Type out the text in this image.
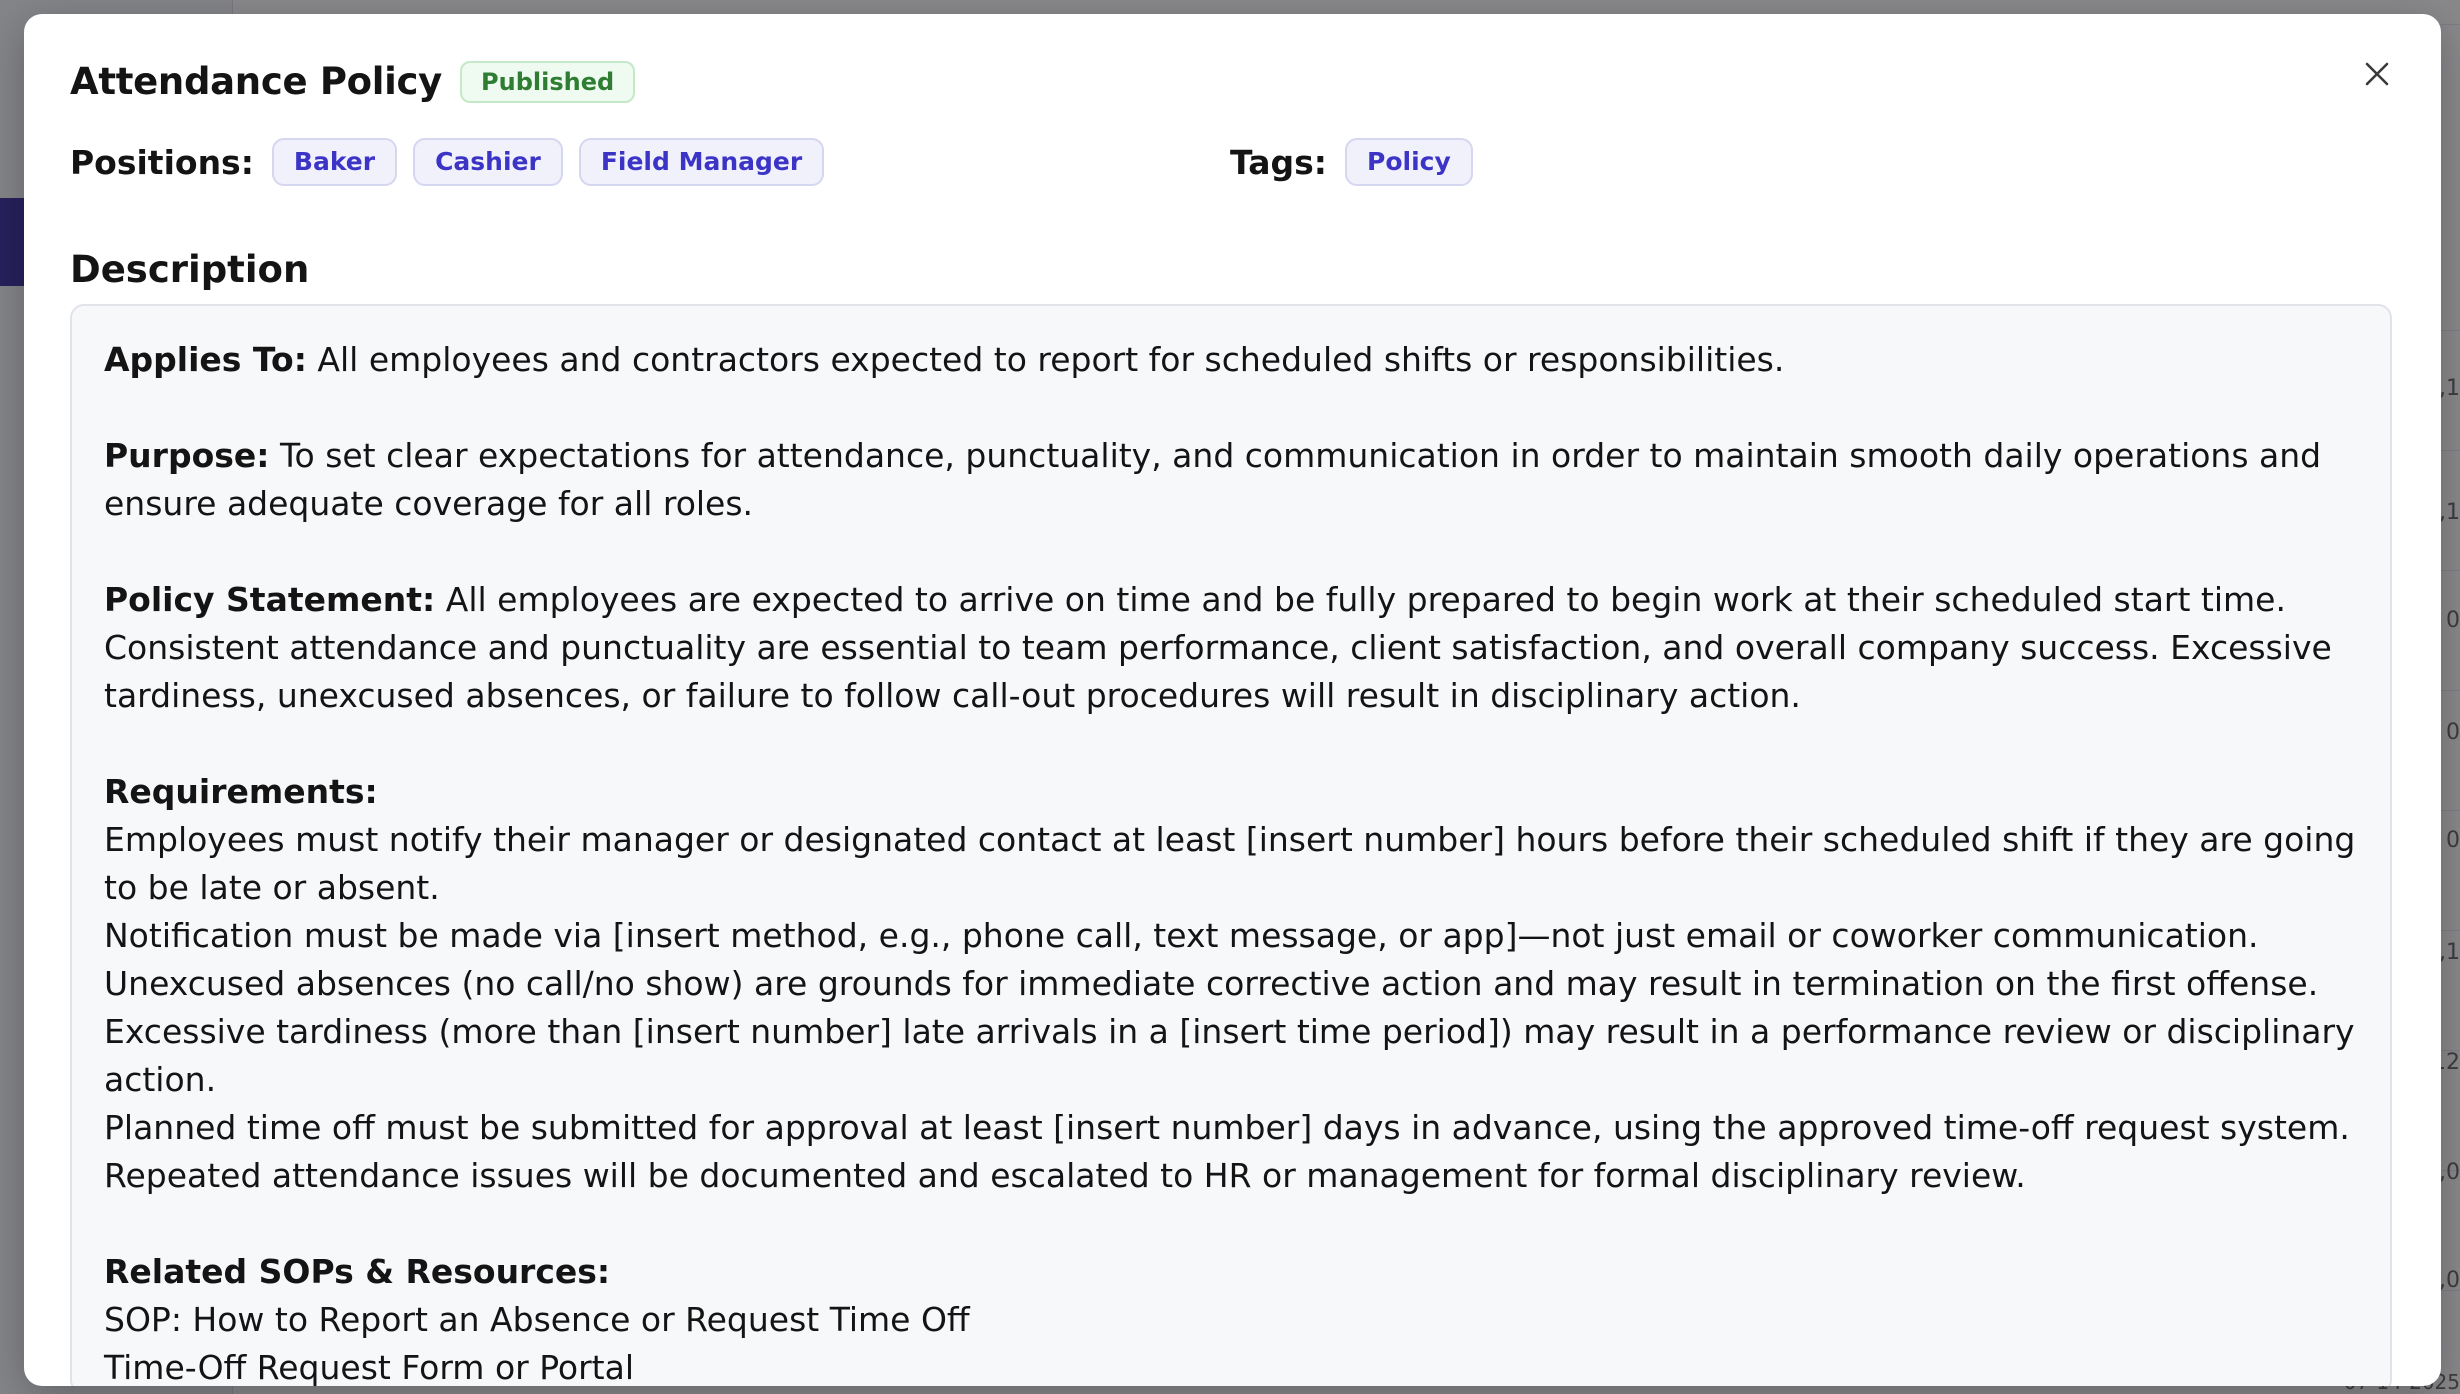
Attendance Policy	Published
Positions:	Baker	Cashier	Field Manager	Tags:	Policy
Description

Applies To: All employees and contractors expected to report for scheduled shifts or responsibilities.

Purpose: To set clear expectations for attendance, punctuality, and communication in order to maintain smooth daily operations and ensure adequate coverage for all roles.

Policy Statement: All employees are expected to arrive on time and be fully prepared to begin work at their scheduled start time. Consistent attendance and punctuality are essential to team performance, client satisfaction, and overall company success. Excessive tardiness, unexcused absences, or failure to follow call-out procedures will result in disciplinary action.

Requirements:

Employees must notify their manager or designated contact at least [insert number] hours before their scheduled shift if they are going to be late or absent.

Notification must be made via [insert method, e.g., phone call, text message, or app]—not just email or coworker communication.

Unexcused absences (no call/no show) are grounds for immediate corrective action and may result in termination on the first offense.

Excessive tardiness (more than [insert number] late arrivals in a [insert time period]) may result in a performance review or disciplinary action.

Planned time off must be submitted for approval at least [insert number] days in advance, using the approved time-off request system.

Repeated attendance issues will be documented and escalated to HR or management for formal disciplinary review.

Related SOPs & Resources:

SOP: How to Report an Absence or Request Time Off

Time-Off Request Form or Portal
